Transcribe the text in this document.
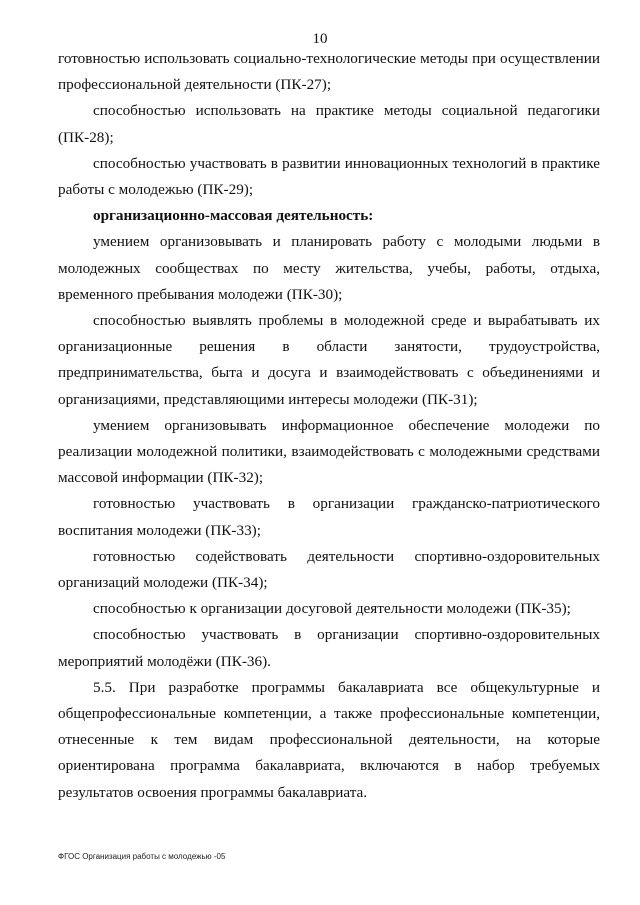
10

готовностью использовать социально-технологические методы при осуществлении профессиональной деятельности (ПК-27);

способностью использовать на практике методы социальной педагогики (ПК-28);

способностью участвовать в развитии инновационных технологий в практике работы с молодежью (ПК-29);

организационно-массовая деятельность:

умением организовывать и планировать работу с молодыми людьми в молодежных сообществах по месту жительства, учебы, работы, отдыха, временного пребывания молодежи (ПК-30);

способностью выявлять проблемы в молодежной среде и вырабатывать их организационные решения в области занятости, трудоустройства, предпринимательства, быта и досуга и взаимодействовать с объединениями и организациями, представляющими интересы молодежи (ПК-31);

умением организовывать информационное обеспечение молодежи по реализации молодежной политики, взаимодействовать с молодежными средствами массовой информации (ПК-32);

готовностью участвовать в организации гражданско-патриотического воспитания молодежи (ПК-33);

готовностью содействовать деятельности спортивно-оздоровительных организаций молодежи (ПК-34);

способностью к организации досуговой деятельности молодежи (ПК-35);

способностью участвовать в организации спортивно-оздоровительных мероприятий молодёжи (ПК-36).

5.5. При разработке программы бакалавриата все общекультурные и общепрофессиональные компетенции, а также профессиональные компетенции, отнесенные к тем видам профессиональной деятельности, на которые ориентирована программа бакалавриата, включаются в набор требуемых результатов освоения программы бакалавриата.

ФГОС Организация работы с молодежью -05
